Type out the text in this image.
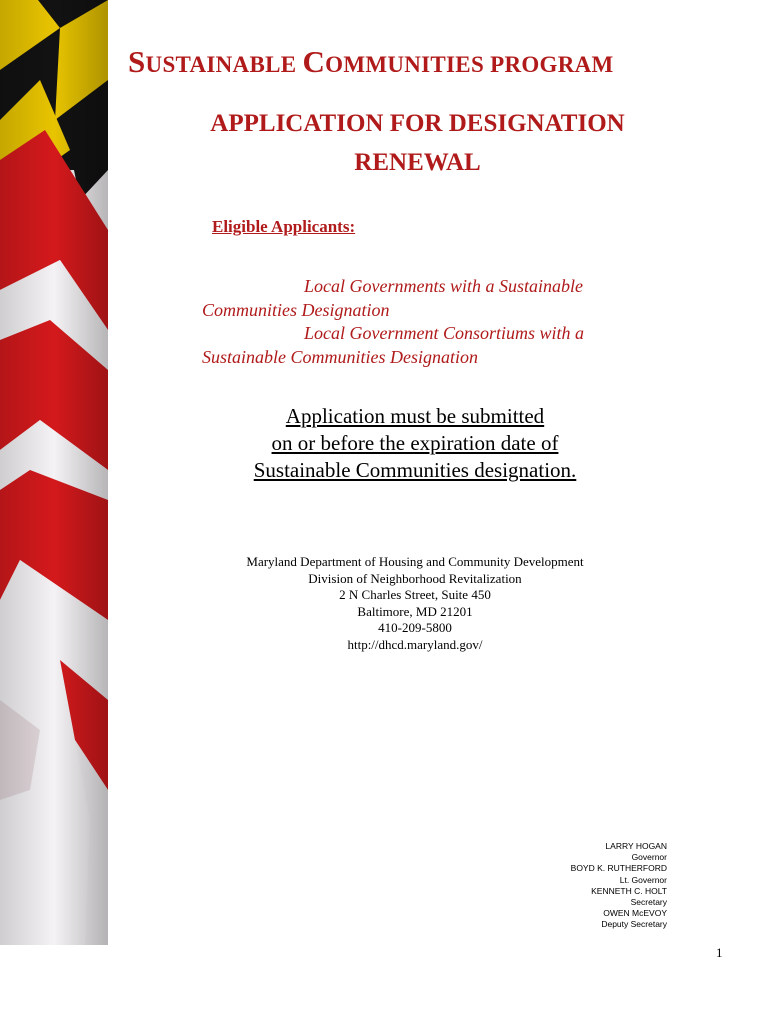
SUSTAINABLE COMMUNITIES PROGRAM
APPLICATION FOR DESIGNATION
RENEWAL
Eligible Applicants:

Local Governments with a Sustainable Communities Designation

Local Government Consortiums with a Sustainable Communities Designation

Application must be submitted
on or before the expiration date of
Sustainable Communities designation.
Maryland Department of Housing and Community Development
Division of Neighborhood Revitalization
2 N Charles Street, Suite 450
Baltimore, MD 21201
410-209-5800
http://dhcd.maryland.gov/
LARRY HOGAN
Governor
BOYD K. RUTHERFORD
Lt. Governor
KENNETH C. HOLT
Secretary
OWEN McEVOY
Deputy Secretary
1
